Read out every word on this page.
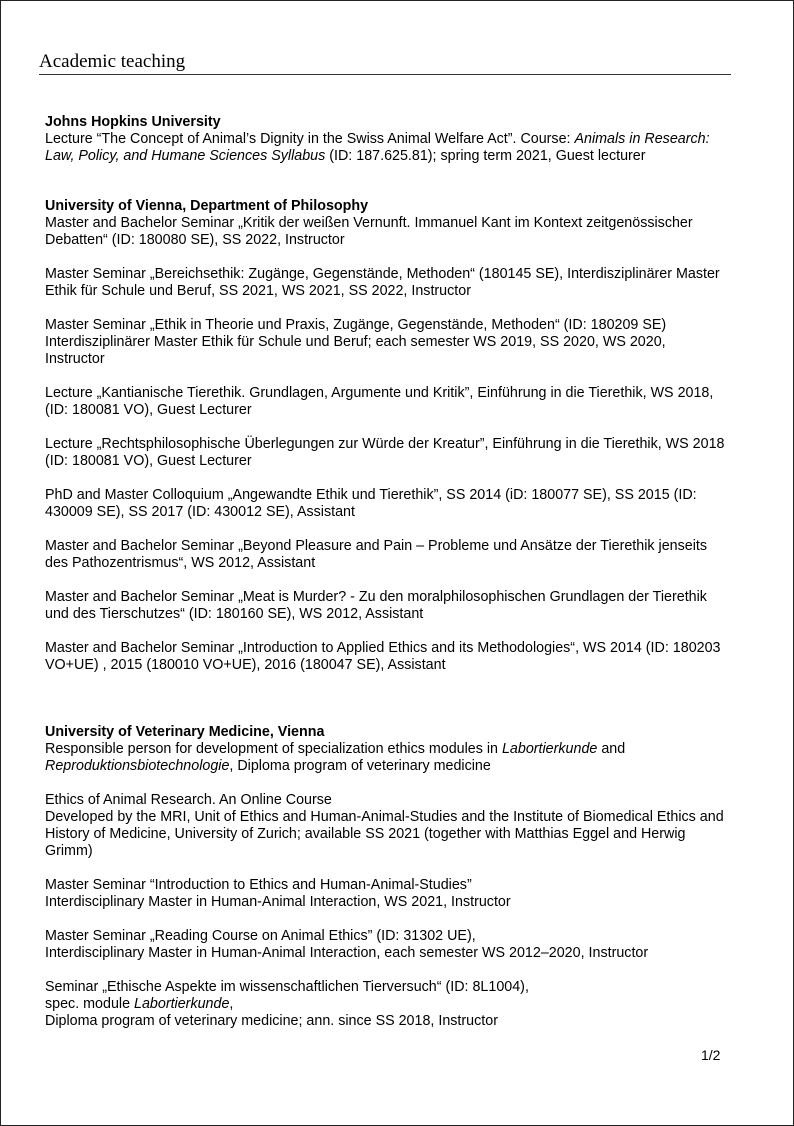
Academic teaching

Johns Hopkins University

Lecture “The Concept of Animal’s Dignity in the Swiss Animal Welfare Act”. Course: Animals in Research: Law, Policy, and Humane Sciences Syllabus (ID: 187.625.81); spring term 2021, Guest lecturer

University of Vienna, Department of Philosophy

Master and Bachelor Seminar „Kritik der weißen Vernunft. Immanuel Kant im Kontext zeitgenössischer Debatten“ (ID: 180080 SE), SS 2022, Instructor

Master Seminar „Bereichsethik: Zugänge, Gegenstände, Methoden“ (180145 SE), Interdisziplinärer Master Ethik für Schule und Beruf, SS 2021, WS 2021, SS 2022, Instructor

Master Seminar „Ethik in Theorie und Praxis, Zugänge, Gegenstände, Methoden“ (ID: 180209 SE) Interdisziplinärer Master Ethik für Schule und Beruf; each semester WS 2019, SS 2020, WS 2020, Instructor

Lecture „Kantianische Tierethik. Grundlagen, Argumente und Kritik”, Einführung in die Tierethik, WS 2018, (ID: 180081 VO), Guest Lecturer

Lecture „Rechtsphilosophische Überlegungen zur Würde der Kreatur”, Einführung in die Tierethik, WS 2018 (ID: 180081 VO), Guest Lecturer

PhD and Master Colloquium „Angewandte Ethik und Tierethik”, SS 2014 (iD: 180077 SE), SS 2015 (ID: 430009 SE), SS 2017 (ID: 430012 SE), Assistant

Master and Bachelor Seminar „Beyond Pleasure and Pain – Probleme und Ansätze der Tierethik jenseits des Pathozentrismus“, WS 2012, Assistant

Master and Bachelor Seminar „Meat is Murder? - Zu den moralphilosophischen Grundlagen der Tierethik und des Tierschutzes“ (ID: 180160 SE), WS 2012, Assistant

Master and Bachelor Seminar „Introduction to Applied Ethics and its Methodologies“, WS 2014 (ID: 180203 VO+UE) , 2015 (180010 VO+UE), 2016 (180047 SE), Assistant

University of Veterinary Medicine, Vienna

Responsible person for development of specialization ethics modules in Labortierkunde and
Reproduktionsbiotechnologie, Diploma program of veterinary medicine

Ethics of Animal Research. An Online Course
Developed by the MRI, Unit of Ethics and Human-Animal-Studies and the Institute of Biomedical Ethics and History of Medicine, University of Zurich; available SS 2021 (together with Matthias Eggel and Herwig Grimm)

Master Seminar “Introduction to Ethics and Human-Animal-Studies”
Interdisciplinary Master in Human-Animal Interaction, WS 2021, Instructor

Master Seminar „Reading Course on Animal Ethics” (ID: 31302 UE),
Interdisciplinary Master in Human-Animal Interaction, each semester WS 2012–2020, Instructor

Seminar „Ethische Aspekte im wissenschaftlichen Tierversuch“ (ID: 8L1004),
spec. module Labortierkunde,
Diploma program of veterinary medicine; ann. since SS 2018, Instructor

1/2
